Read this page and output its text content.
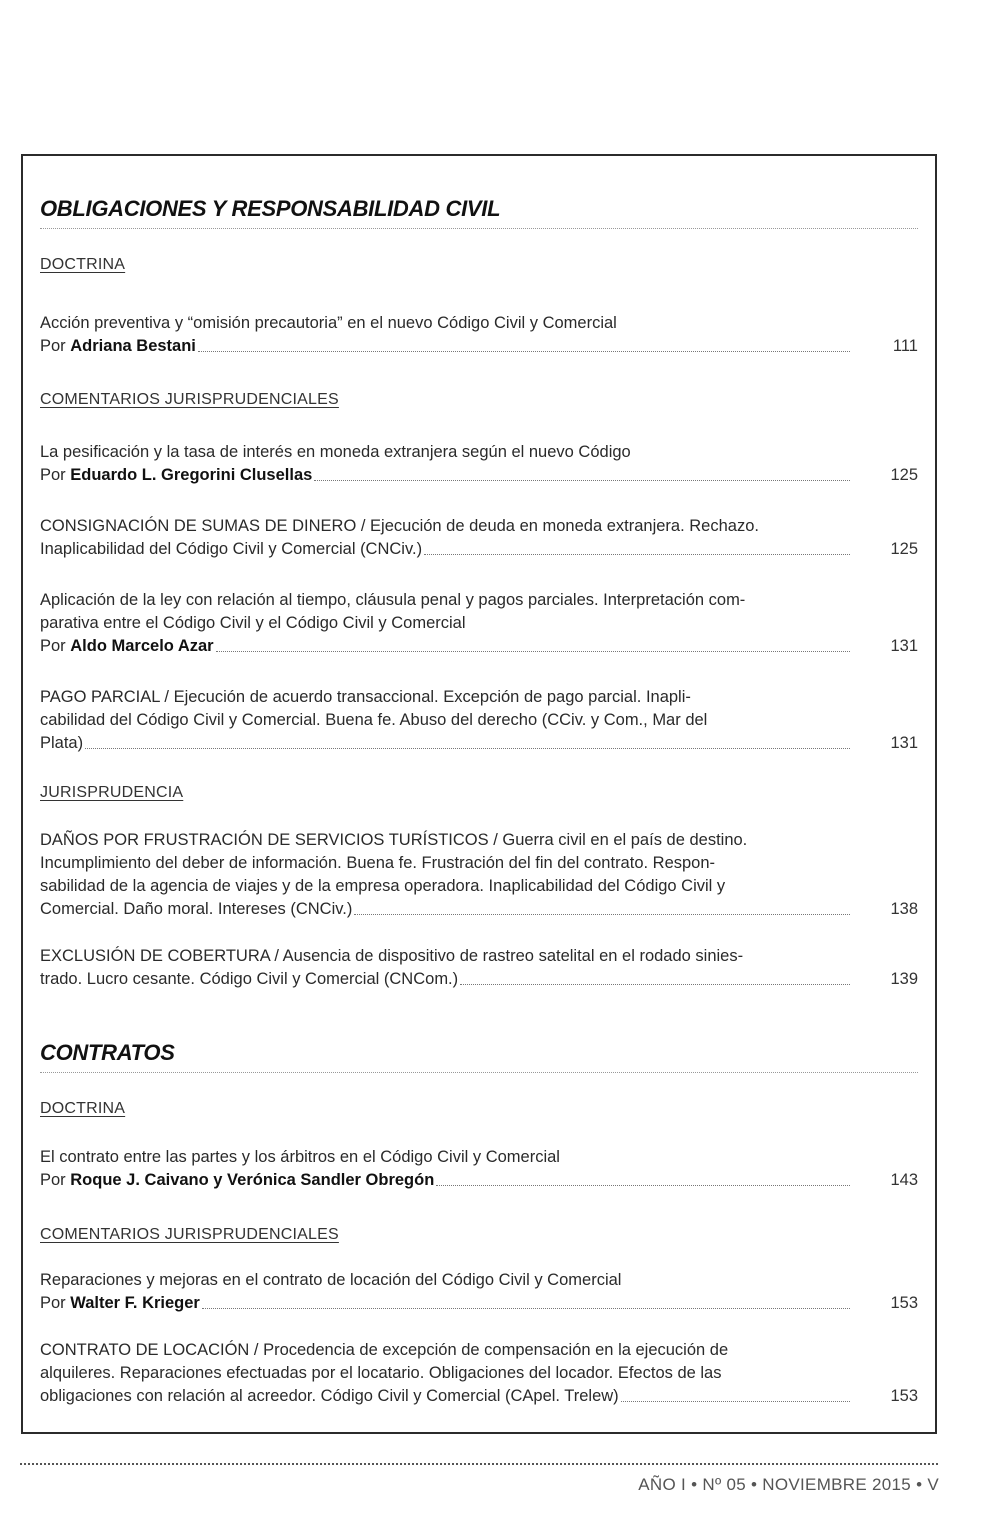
OBLIGACIONES Y RESPONSABILIDAD CIVIL
DOCTRINA
Acción preventiva y “omisión precautoria” en el nuevo Código Civil y Comercial
Por Adriana Bestani	111
COMENTARIOS JURISPRUDENCIALES
La pesificación y la tasa de interés en moneda extranjera según el nuevo Código
Por Eduardo L. Gregorini Clusellas	125
CONSIGNACIÓN DE SUMAS DE DINERO / Ejecución de deuda en moneda extranjera. Rechazo.
Inaplicabilidad del Código Civil y Comercial (CNCiv.)	125
Aplicación de la ley con relación al tiempo, cláusula penal y pagos parciales. Interpretación com-
parativa entre el Código Civil y el Código Civil y Comercial
Por Aldo Marcelo Azar	131
PAGO PARCIAL / Ejecución de acuerdo transaccional. Excepción de pago parcial. Inapli-
cabilidad del Código Civil y Comercial. Buena fe. Abuso del derecho (CCiv. y Com., Mar del
Plata)	131
JURISPRUDENCIA
DAÑOS POR FRUSTRACIÓN DE SERVICIOS TURÍSTICOS / Guerra civil en el país de destino.
Incumplimiento del deber de información. Buena fe. Frustración del fin del contrato. Respon-
sabilidad de la agencia de viajes y de la empresa operadora. Inaplicabilidad del Código Civil y
Comercial. Daño moral. Intereses (CNCiv.)	138
EXCLUSIÓN DE COBERTURA / Ausencia de dispositivo de rastreo satelital en el rodado sinies-
trado. Lucro cesante. Código Civil y Comercial (CNCom.)	139
CONTRATOS
DOCTRINA
El contrato entre las partes y los árbitros en el Código Civil y Comercial
Por Roque J. Caivano y Verónica Sandler Obregón	143
COMENTARIOS JURISPRUDENCIALES
Reparaciones y mejoras en el contrato de locación del Código Civil y Comercial
Por Walter F. Krieger	153
CONTRATO DE LOCACIÓN / Procedencia de excepción de compensación en la ejecución de
alquileres. Reparaciones efectuadas por el locatario. Obligaciones del locador. Efectos de las
obligaciones con relación al acreedor. Código Civil y Comercial (CApel. Trelew)	153
AÑO I • Nº 05 • NOVIEMBRE 2015 • V
